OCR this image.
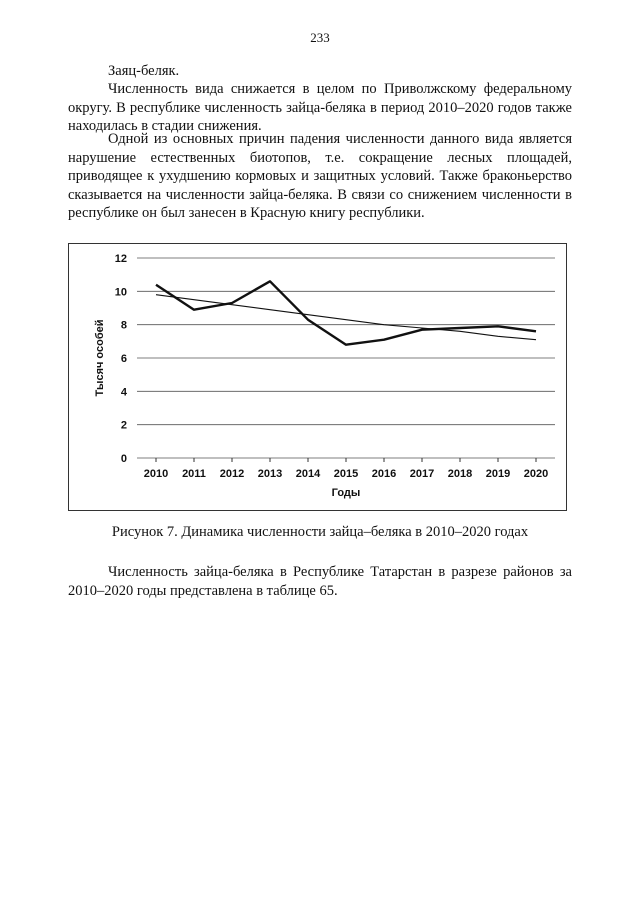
233
Заяц-беляк.
Численность вида снижается в целом по Приволжскому федеральному округу. В республике численность зайца-беляка в период 2010–2020 годов также находилась в стадии снижения.
Одной из основных причин падения численности данного вида является нарушение естественных биотопов, т.е. сокращение лесных площадей, приводящее к ухудшению кормовых и защитных условий. Также браконьерство сказывается на численности зайца-беляка. В связи со снижением численности в республике он был занесен в Красную книгу республики.
0
2
4
6
8
10
12
2010 2011 2012 2013 2014 2015 2016 2017 2018 2019 2020
Годы
Тысяч особей
Рисунок 7. Динамика численности зайца–беляка в 2010–2020 годах
Численность зайца-беляка в Республике Татарстан в разрезе районов за 2010–2020 годы представлена в таблице 65.
